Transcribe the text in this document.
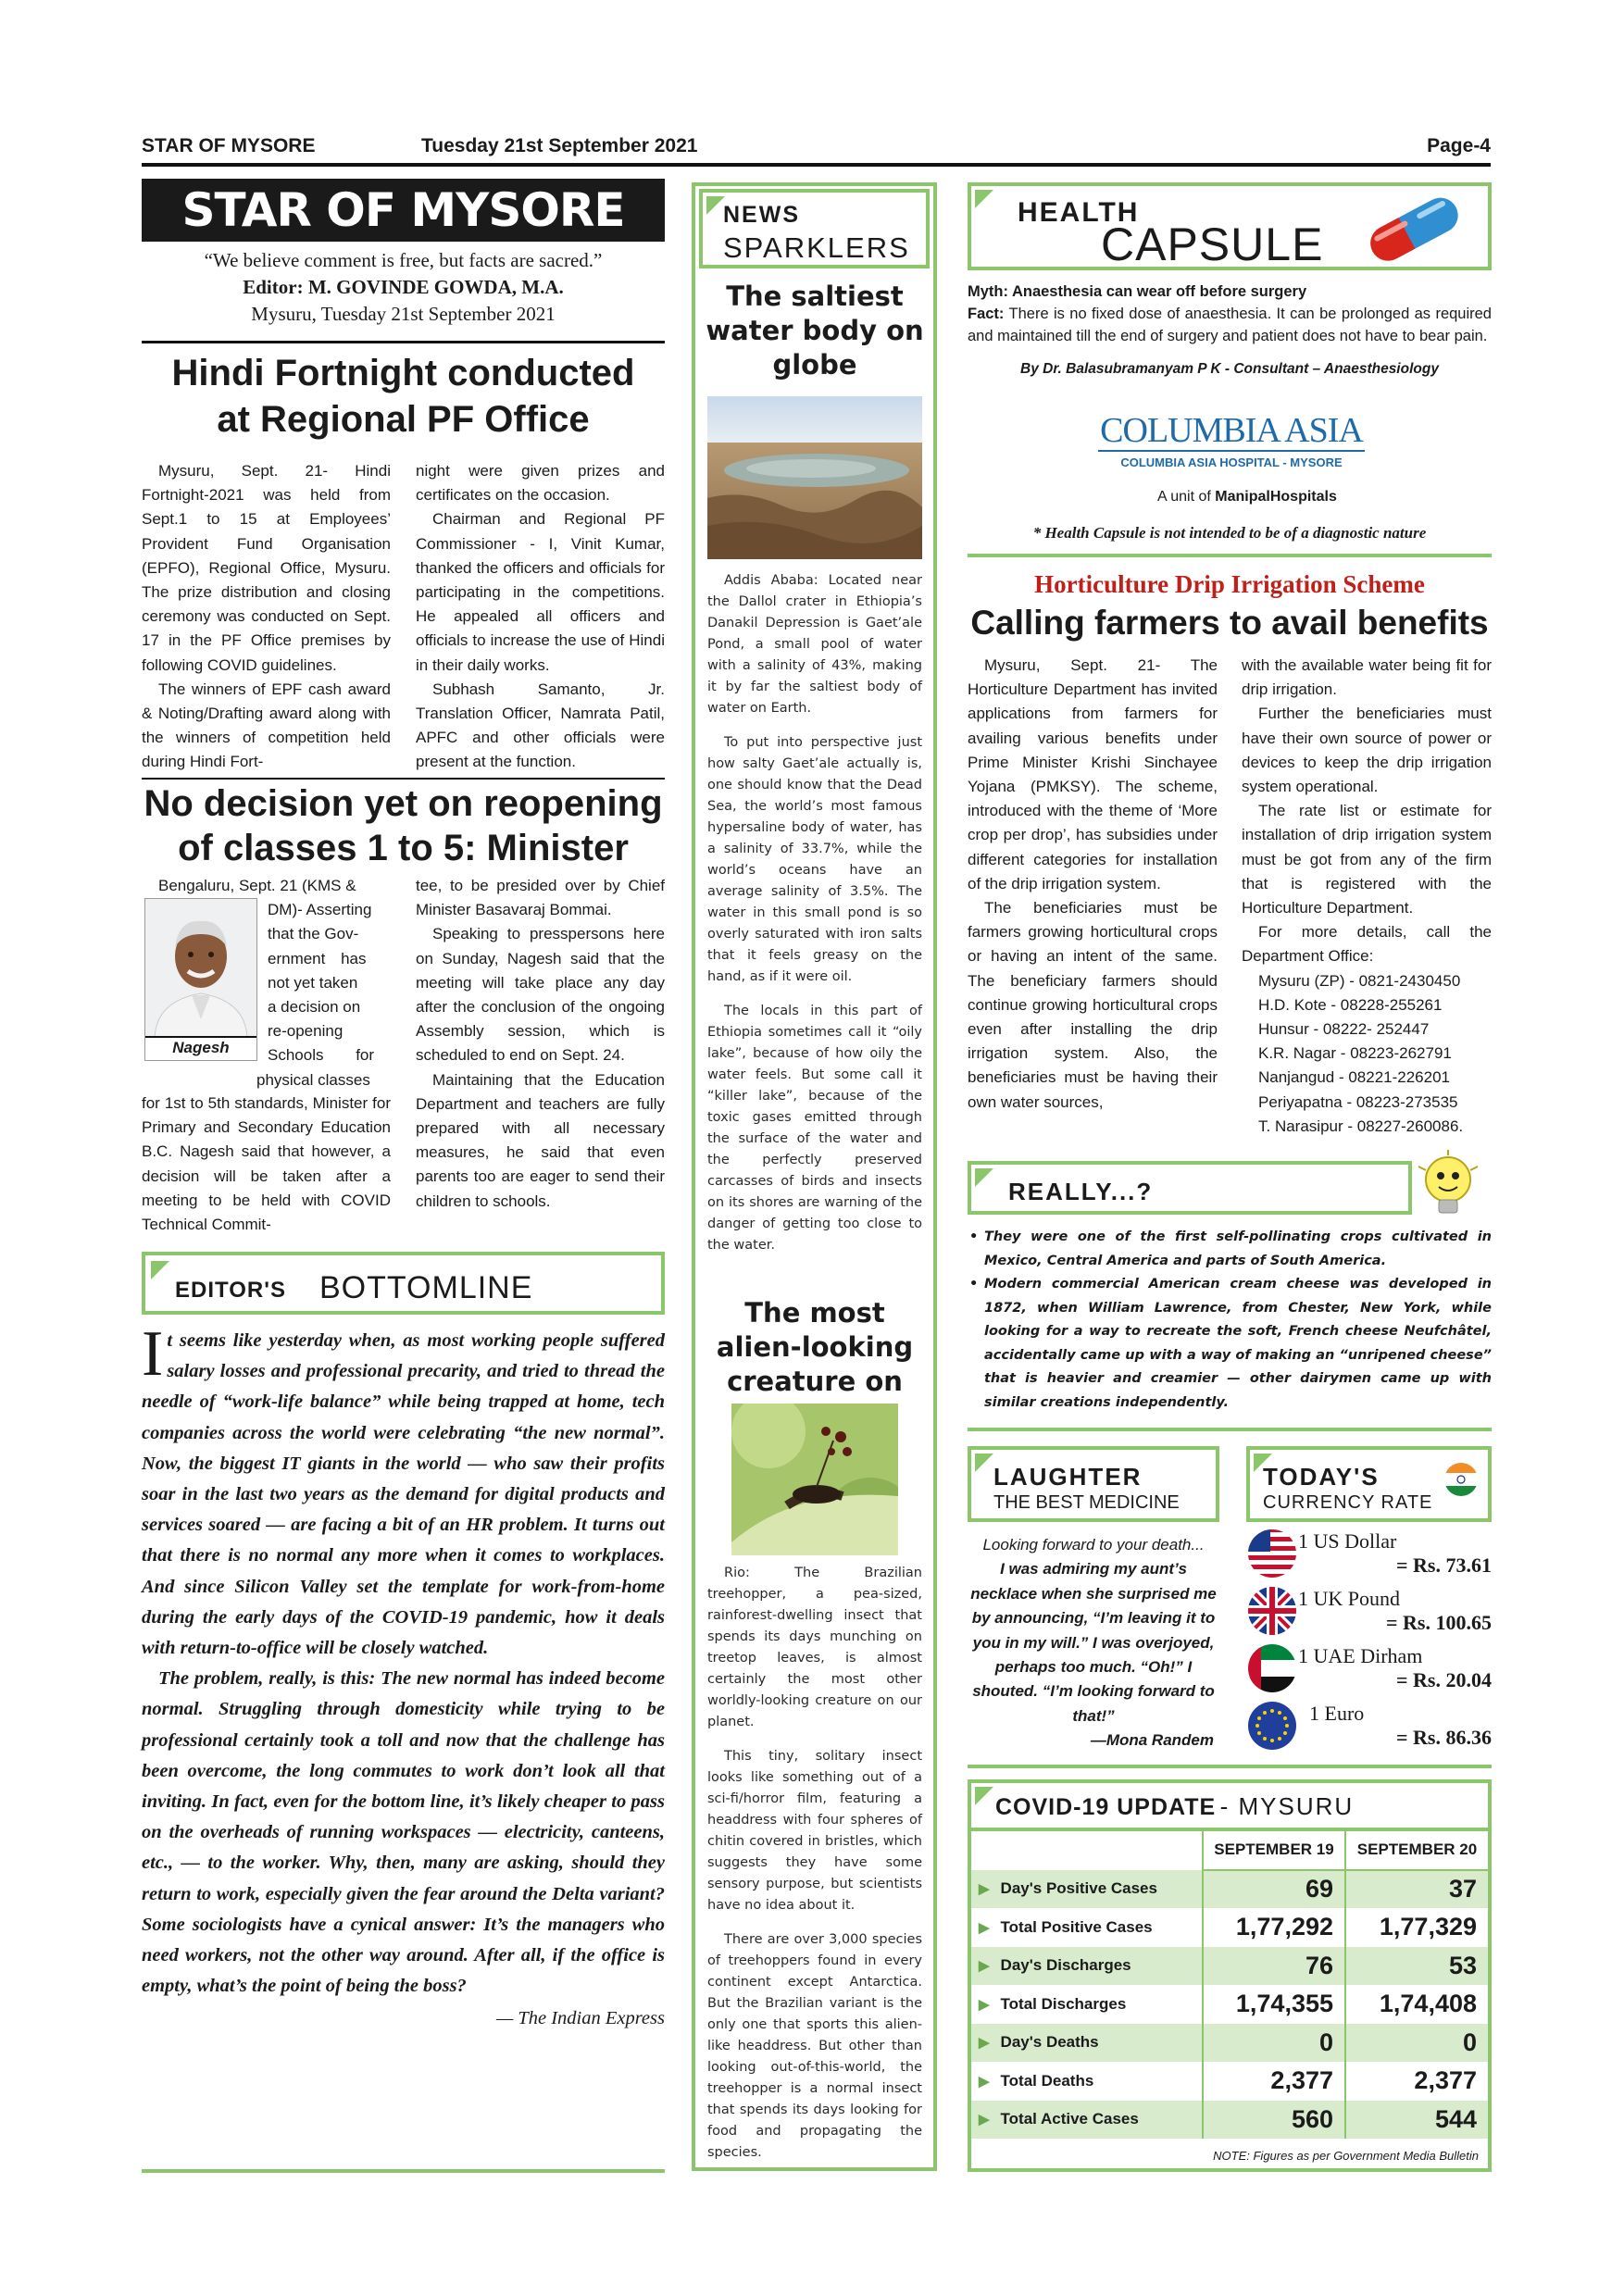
STAR OF MYSORE	Tuesday 21st September 2021	Page-4
STAR OF MYSORE
“We believe comment is free, but facts are sacred.”
Editor: M. GOVINDE GOWDA, M.A.
Mysuru, Tuesday 21st September 2021
Hindi Fortnight conducted
at Regional PF Office

Mysuru, Sept. 21- Hindi Fortnight-2021 was held from Sept.1 to 15 at Employees’ Provident Fund Organisation (EPFO), Regional Office, Mysuru. The prize distribution and closing ceremony was conducted on Sept. 17 in the PF Office premises by following COVID guidelines.

The winners of EPF cash award & Noting/Drafting award along with the winners of competition held during Hindi Fort-

night were given prizes and certificates on the occasion.

Chairman and Regional PF Commissioner - I, Vinit Kumar, thanked the officers and officials for participating in the competitions. He appealed all officers and officials to increase the use of Hindi in their daily works.

Subhash Samanto, Jr. Translation Officer, Namrata Patil, APFC and other officials were present at the function.

No decision yet on reopening
of classes 1 to 5: Minister
Nagesh
Bengaluru, Sept. 21 (KMS &
DM)- Asserting
that the Gov-
ernment has
not yet taken
a decision on
re-opening
Schools for
physical classes

for 1st to 5th standards, Minister for Primary and Secondary Education B.C. Nagesh said that however, a decision will be taken after a meeting to be held with COVID Technical Commit-

tee, to be presided over by Chief Minister Basavaraj Bommai.

Speaking to presspersons here on Sunday, Nagesh said that the meeting will take place any day after the conclusion of the ongoing Assembly session, which is scheduled to end on Sept. 24.

Maintaining that the Education Department and teachers are fully prepared with all necessary measures, he said that even parents too are eager to send their children to schools.

EDITOR'S BOTTOMLINE

It seems like yesterday when, as most working people suffered salary losses and professional precarity, and tried to thread the needle of “work-life balance” while being trapped at home, tech companies across the world were celebrating “the new normal”. Now, the biggest IT giants in the world — who saw their profits soar in the last two years as the demand for digital products and services soared — are facing a bit of an HR problem. It turns out that there is no normal any more when it comes to workplaces. And since Silicon Valley set the template for work-from-home during the early days of the COVID-19 pandemic, how it deals with return-to-office will be closely watched.

The problem, really, is this: The new normal has indeed become normal. Struggling through domesticity while trying to be professional certainly took a toll and now that the challenge has been overcome, the long commutes to work don’t look all that inviting. In fact, even for the bottom line, it’s likely cheaper to pass on the overheads of running workspaces — electricity, canteens, etc., — to the worker. Why, then, many are asking, should they return to work, especially given the fear around the Delta variant? Some sociologists have a cynical answer: It’s the managers who need workers, not the other way around. After all, if the office is empty, what’s the point of being the boss?

— The Indian Express

NEWS
SPARKLERS
The saltiest water body on globe

Addis Ababa: Located near the Dallol crater in Ethiopia’s Danakil Depression is Gaet’ale Pond, a small pool of water with a salinity of 43%, making it by far the saltiest body of water on Earth.

To put into perspective just how salty Gaet’ale actually is, one should know that the Dead Sea, the world’s most famous hypersaline body of water, has a salinity of 33.7%, while the world’s oceans have an average salinity of 3.5%. The water in this small pond is so overly saturated with iron salts that it feels greasy on the hand, as if it were oil.

The locals in this part of Ethiopia sometimes call it “oily lake”, because of how oily the water feels. But some call it “killer lake”, because of the toxic gases emitted through the surface of the water and the perfectly preserved carcasses of birds and insects on its shores are warning of the danger of getting too close to the water.

The most alien-looking creature on

Rio: The Brazilian treehopper, a pea-sized, rainforest-dwelling insect that spends its days munching on treetop leaves, is almost certainly the most other worldly-looking creature on our planet.

This tiny, solitary insect looks like something out of a sci-fi/horror film, featuring a headdress with four spheres of chitin covered in bristles, which suggests they have some sensory purpose, but scientists have no idea about it.

There are over 3,000 species of treehoppers found in every continent except Antarctica. But the Brazilian variant is the only one that sports this alien-like headdress. But other than looking out-of-this-world, the treehopper is a normal insect that spends its days looking for food and propagating the species.

HEALTH
CAPSULE
Myth: Anaesthesia can wear off before surgery
Fact: There is no fixed dose of anaesthesia. It can be prolonged as required and maintained till the end of surgery and patient does not have to bear pain.
By Dr. Balasubramanyam P K - Consultant – Anaesthesiology
COLUMBIA ASIA
COLUMBIA ASIA HOSPITAL - MYSORE
A unit of ManipalHospitals
* Health Capsule is not intended to be of a diagnostic nature
Horticulture Drip Irrigation Scheme
Calling farmers to avail benefits

Mysuru, Sept. 21- The Horticulture Department has invited applications from farmers for availing various benefits under Prime Minister Krishi Sinchayee Yojana (PMKSY). The scheme, introduced with the theme of ‘More crop per drop’, has subsidies under different categories for installation of the drip irrigation system.

The beneficiaries must be farmers growing horticultural crops or having an intent of the same. The beneficiary farmers should continue growing horticultural crops even after installing the drip irrigation system. Also, the beneficiaries must be having their own water sources,

with the available water being fit for drip irrigation.

Further the beneficiaries must have their own source of power or devices to keep the drip irrigation system operational.

The rate list or estimate for installation of drip irrigation system must be got from any of the firm that is registered with the Horticulture Department.

For more details, call the Department Office:

Mysuru (ZP) - 0821-2430450
H.D. Kote - 08228-255261
Hunsur - 08222- 252447
K.R. Nagar - 08223-262791
Nanjangud - 08221-226201
Periyapatna - 08223-273535
T. Narasipur - 08227-260086.
REALLY...?
• They were one of the first self-pollinating crops cultivated in Mexico, Central America and parts of South America.
• Modern commercial American cream cheese was developed in 1872, when William Lawrence, from Chester, New York, while looking for a way to recreate the soft, French cheese Neufchâtel, accidentally came up with a way of making an “unripened cheese” that is heavier and creamier — other dairymen came up with similar creations independently.
LAUGHTER
THE BEST MEDICINE
Looking forward to your death...
I was admiring my aunt’s necklace when she surprised me by announcing, “I’m leaving it to you in my will.” I was overjoyed, perhaps too much. “Oh!” I shouted. “I’m looking forward to that!”
—Mona Randem
TODAY'S
CURRENCY RATE
1 US Dollar
= Rs. 73.61
1 UK Pound
= Rs. 100.65
1 UAE Dirham
= Rs. 20.04
1 Euro
= Rs. 86.36
COVID-19 UPDATE - MYSURU
	SEPTEMBER 19	SEPTEMBER 20
▶ Day's Positive Cases	69	37
▶ Total Positive Cases	1,77,292	1,77,329
▶ Day's Discharges	76	53
▶ Total Discharges	1,74,355	1,74,408
▶ Day's Deaths	0	0
▶ Total Deaths	2,377	2,377
▶ Total Active Cases	560	544
NOTE: Figures as per Government Media Bulletin
